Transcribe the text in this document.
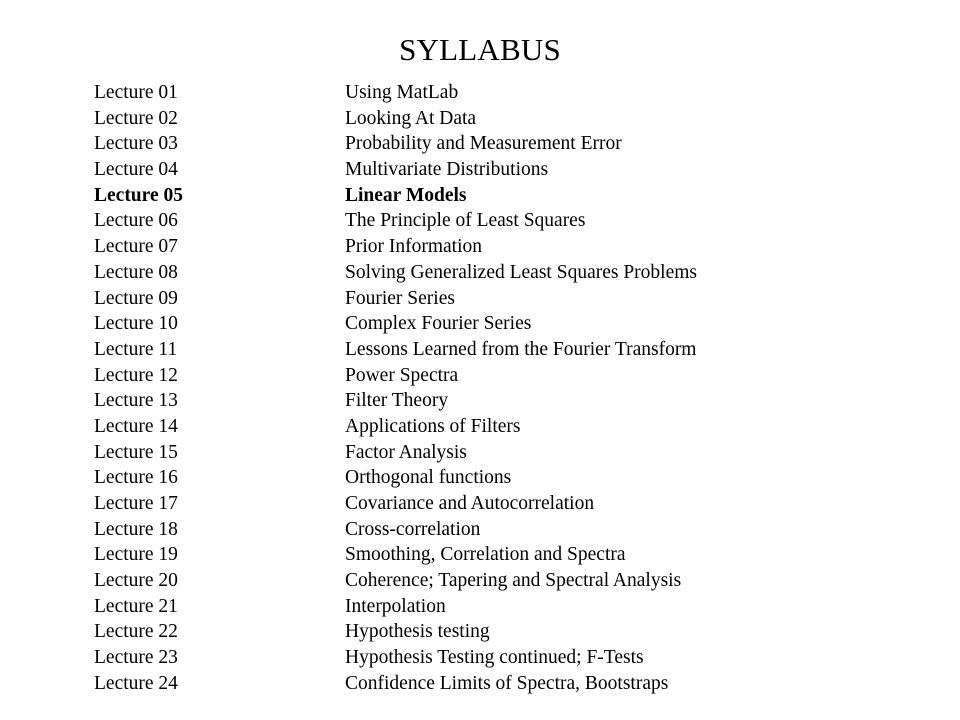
SYLLABUS
Lecture 01	Using MatLab
Lecture 02	Looking At Data
Lecture 03	Probability and Measurement Error
Lecture 04	Multivariate Distributions
Lecture 05	Linear Models
Lecture 06	The Principle of Least Squares
Lecture 07	Prior Information
Lecture 08	Solving Generalized Least Squares Problems
Lecture 09	Fourier Series
Lecture 10	Complex Fourier Series
Lecture 11	Lessons Learned from the Fourier Transform
Lecture 12	Power Spectra
Lecture 13	Filter Theory
Lecture 14	Applications of Filters
Lecture 15	Factor Analysis
Lecture 16	Orthogonal functions
Lecture 17	Covariance and Autocorrelation
Lecture 18	Cross-correlation
Lecture 19	Smoothing, Correlation and Spectra
Lecture 20	Coherence; Tapering and Spectral Analysis
Lecture 21	Interpolation
Lecture 22	Hypothesis testing
Lecture 23	Hypothesis Testing continued; F-Tests
Lecture 24	Confidence Limits of Spectra, Bootstraps
